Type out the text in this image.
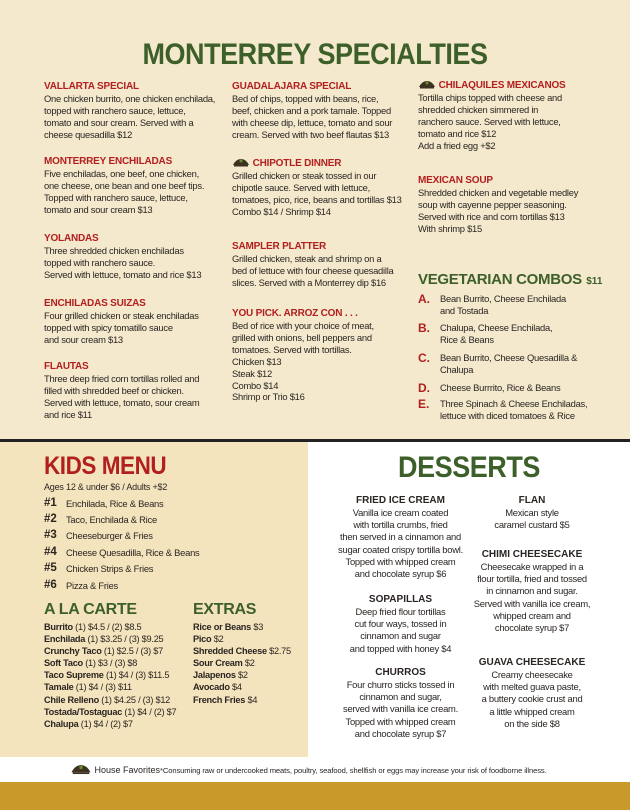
MONTERREY SPECIALTIES
VALLARTA SPECIAL
One chicken burrito, one chicken enchilada,
topped with ranchero sauce, lettuce,
tomato and sour cream. Served with a
cheese quesadilla $12
MONTERREY ENCHILADAS
Five enchiladas, one beef, one chicken,
one cheese, one bean and one beef tips.
Topped with ranchero sauce, lettuce,
tomato and sour cream $13
YOLANDAS
Three shredded chicken enchiladas
topped with ranchero sauce.
Served with lettuce, tomato and rice $13
ENCHILADAS SUIZAS
Four grilled chicken or steak enchiladas
topped with spicy tomatillo sauce
and sour cream $13
FLAUTAS
Three deep fried corn tortillas rolled and
filled with shredded beef or chicken.
Served with lettuce, tomato, sour cream
and rice $11
GUADALAJARA SPECIAL
Bed of chips, topped with beans, rice,
beef, chicken and a pork tamale. Topped
with cheese dip, lettuce, tomato and sour
cream. Served with two beef flautas $13
CHIPOTLE DINNER
Grilled chicken or steak tossed in our
chipotle sauce. Served with lettuce,
tomatoes, pico, rice, beans and tortillas $13
Combo $14 / Shrimp $14
SAMPLER PLATTER
Grilled chicken, steak and shrimp on a
bed of lettuce with four cheese quesadilla
slices. Served with a Monterrey dip $16
YOU PICK. ARROZ CON . . .
Bed of rice with your choice of meat,
grilled with onions, bell peppers and
tomatoes. Served with tortillas.
Chicken $13
Steak $12
Combo $14
Shrimp or Trio $16
CHILAQUILES MEXICANOS
Tortilla chips topped with cheese and
shredded chicken simmered in
ranchero sauce. Served with lettuce,
tomato and rice $12
Add a fried egg +$2
MEXICAN SOUP
Shredded chicken and vegetable medley
soup with cayenne pepper seasoning.
Served with rice and corn tortillas $13
With shrimp $15
VEGETARIAN COMBOS $11
A. Bean Burrito, Cheese Enchilada
and Tostada
B. Chalupa, Cheese Enchilada,
Rice & Beans
C. Bean Burrito, Cheese Quesadilla &
Chalupa
D. Cheese Burrrito, Rice & Beans
E. Three Spinach & Cheese Enchiladas,
lettuce with diced tomatoes & Rice
KIDS MENU
Ages 12 & under $6 / Adults +$2
#1 Enchilada, Rice & Beans
#2 Taco, Enchilada & Rice
#3 Cheeseburger & Fries
#4 Cheese Quesadilla, Rice & Beans
#5 Chicken Strips & Fries
#6 Pizza & Fries
A LA CARTE
Burrito (1) $4.5 / (2) $8.5
Enchilada (1) $3.25 / (3) $9.25
Crunchy Taco (1) $2.5 / (3) $7
Soft Taco (1) $3 / (3) $8
Taco Supreme (1) $4 / (3) $11.5
Tamale (1) $4 / (3) $11
Chile Relleno (1) $4.25 / (3) $12
Tostada/Tostaguac (1) $4 / (2) $7
Chalupa (1) $4 / (2) $7
EXTRAS
Rice or Beans $3
Pico $2
Shredded Cheese $2.75
Sour Cream $2
Jalapenos $2
Avocado $4
French Fries $4
DESSERTS
FRIED ICE CREAM
Vanilla ice cream coated
with tortilla crumbs, fried
then served in a cinnamon and
sugar coated crispy tortilla bowl.
Topped with whipped cream
and chocolate syrup $6
SOPAPILLAS
Deep fried flour tortillas
cut four ways, tossed in
cinnamon and sugar
and topped with honey $4
CHURROS
Four churro sticks tossed in
cinnamon and sugar,
served with vanilla ice cream.
Topped with whipped cream
and chocolate syrup $7
FLAN
Mexican style
caramel custard $5
CHIMI CHEESECAKE
Cheesecake wrapped in a
flour tortilla, fried and tossed
in cinnamon and sugar.
Served with vanilla ice cream,
whipped cream and
chocolate syrup $7
GUAVA CHEESECAKE
Creamy cheesecake
with melted guava paste,
a buttery cookie crust and
a little whipped cream
on the side $8
House Favorites *Consuming raw or undercooked meats, poultry, seafood, shellfish or eggs may increase your risk of foodborne illness.
